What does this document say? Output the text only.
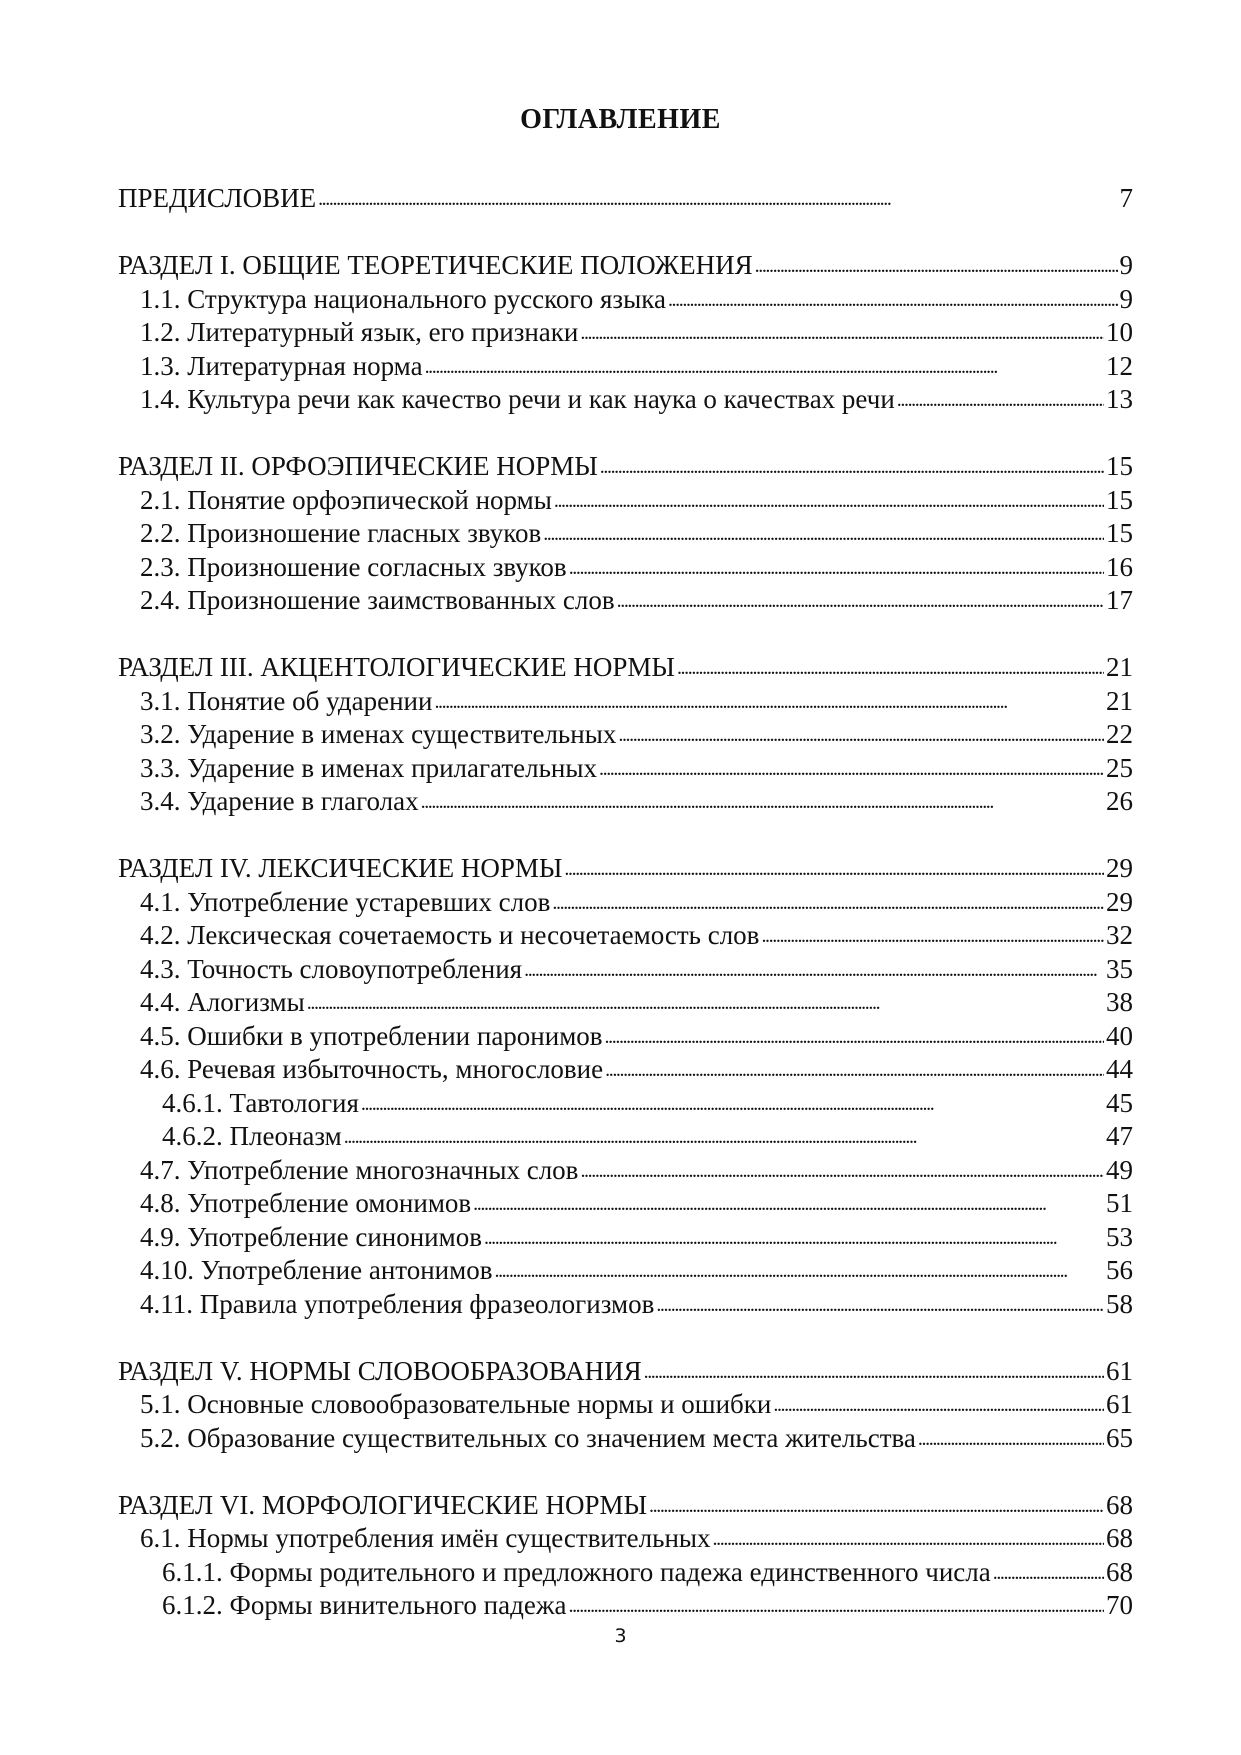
ОГЛАВЛЕНИЕ
ПРЕДИСЛОВИЕ . . .	7
РАЗДЕЛ I. ОБЩИЕ ТЕОРЕТИЧЕСКИЕ ПОЛОЖЕНИЯ . . .	9
1.1. Структура национального русского языка . . .	9
1.2. Литературный язык, его признаки . . .	10
1.3. Литературная норма . . .	12
1.4. Культура речи как качество речи и как наука о качествах речи . . .	13
РАЗДЕЛ II. ОРФОЭПИЧЕСКИЕ НОРМЫ . . .	15
2.1. Понятие орфоэпической нормы . . .	15
2.2. Произношение гласных звуков . . .	15
2.3. Произношение согласных звуков . . .	16
2.4. Произношение заимствованных слов . . .	17
РАЗДЕЛ III. АКЦЕНТОЛОГИЧЕСКИЕ НОРМЫ . . .	21
3.1. Понятие об ударении . . .	21
3.2. Ударение в именах существительных . . .	22
3.3. Ударение в именах прилагательных . . .	25
3.4. Ударение в глаголах . . .	26
РАЗДЕЛ IV. ЛЕКСИЧЕСКИЕ НОРМЫ . . .	29
4.1. Употребление устаревших слов . . .	29
4.2. Лексическая сочетаемость и несочетаемость слов . . .	32
4.3. Точность словоупотребления . . .	35
4.4. Алогизмы . . .	38
4.5. Ошибки в употреблении паронимов . . .	40
4.6. Речевая избыточность, многословие . . .	44
4.6.1. Тавтология . . .	45
4.6.2. Плеоназм . . .	47
4.7. Употребление многозначных слов . . .	49
4.8. Употребление омонимов . . .	51
4.9. Употребление синонимов . . .	53
4.10. Употребление антонимов . . .	56
4.11. Правила употребления фразеологизмов . . .	58
РАЗДЕЛ V. НОРМЫ СЛОВООБРАЗОВАНИЯ . . .	61
5.1. Основные словообразовательные нормы и ошибки . . .	61
5.2. Образование существительных со значением места жительства . . .	65
РАЗДЕЛ VI. МОРФОЛОГИЧЕСКИЕ НОРМЫ . . .	68
6.1. Нормы употребления имён существительных . . .	68
6.1.1. Формы родительного и предложного падежа единственного числа . . .	68
6.1.2. Формы винительного падежа . . .	70
3
